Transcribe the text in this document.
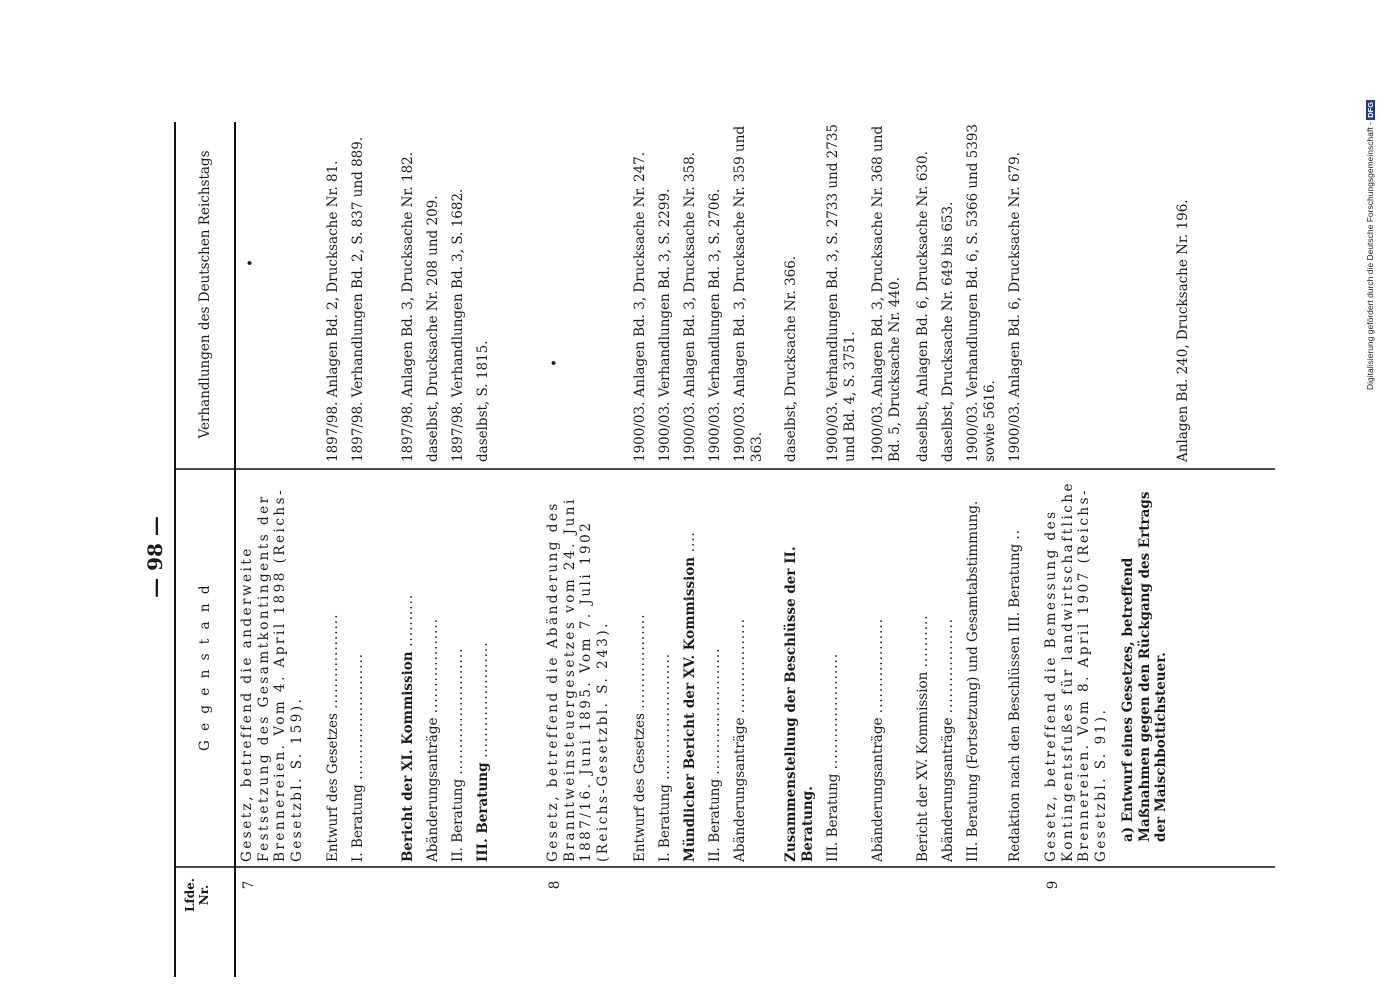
— 98 —
Lfde. Nr.
G e g e n s t a n d
Verhandlungen des Deutschen Reichstags
7
Gesetz, betreffend die anderweite Festsetzung des Gesamtkontingents der Brennereien. Vom 4. April 1898 (Reichs-Gesetzbl. S. 159).
•
Entwurf des Gesetzes ..................
1897/98. Anlagen Bd. 2, Drucksache Nr. 81.
I. Beratung ........................
1897/98. Verhandlungen Bd. 2, S. 837 und 889.
Bericht der XI. Kommission ..........
1897/98. Anlagen Bd. 3, Drucksache Nr. 182.
Abänderungsanträge ..................
daselbst, Drucksache Nr. 208 und 209.
II. Beratung ........................
1897/98. Verhandlungen Bd. 3, S. 1682.
III. Beratung ......................
daselbst, S. 1815.
8
Gesetz, betreffend die Abänderung des Branntweinsteuergesetzes vom 24. Juni 1887/16. Juni 1895. Vom 7. Juli 1902 (Reichs-Gesetzbl. S. 243).
•
Entwurf des Gesetzes ..................
1900/03. Anlagen Bd. 3, Drucksache Nr. 247.
I. Beratung ........................
1900/03. Verhandlungen Bd. 3, S. 2299.
Mündlicher Bericht der XV. Kommission ....
1900/03. Anlagen Bd. 3, Drucksache Nr. 358.
II. Beratung ........................
1900/03. Verhandlungen Bd. 3, S. 2706.
Abänderungsanträge ..................
1900/03. Anlagen Bd. 3, Drucksache Nr. 359 und 363.
Zusammenstellung der Beschlüsse der II. Beratung.
daselbst, Drucksache Nr. 366.
III. Beratung ......................
1900/03. Verhandlungen Bd. 3, S. 2733 und 2735 und Bd. 4, S. 3751.
Abänderungsanträge ..................
1900/03. Anlagen Bd. 3, Drucksache Nr. 368 und Bd. 5, Drucksache Nr. 440.
Bericht der XV. Kommission ..........
daselbst, Anlagen Bd. 6, Drucksache Nr. 630.
Abänderungsanträge ..................
daselbst, Drucksache Nr. 649 bis 653.
III. Beratung (Fortsetzung) und Gesamtabstimmung.
1900/03. Verhandlungen Bd. 6, S. 5366 und 5393 sowie 5616.
Redaktion nach den Beschlüssen III. Beratung ..
1900/03. Anlagen Bd. 6, Drucksache Nr. 679.
9
Gesetz, betreffend die Bemessung des Kontingentsfußes für landwirtschaftliche Brennereien. Vom 8. April 1907 (Reichs-Gesetzbl. S. 91). a) Entwurf eines Gesetzes, betreffend Maßnahmen gegen den Rückgang des Ertrags der Maischbottichsteuer.
Anlagen Bd. 240, Drucksache Nr. 196.	Digitalisierung gefördert durch die Deutsche Forschungsgemeinschaft - DFG
